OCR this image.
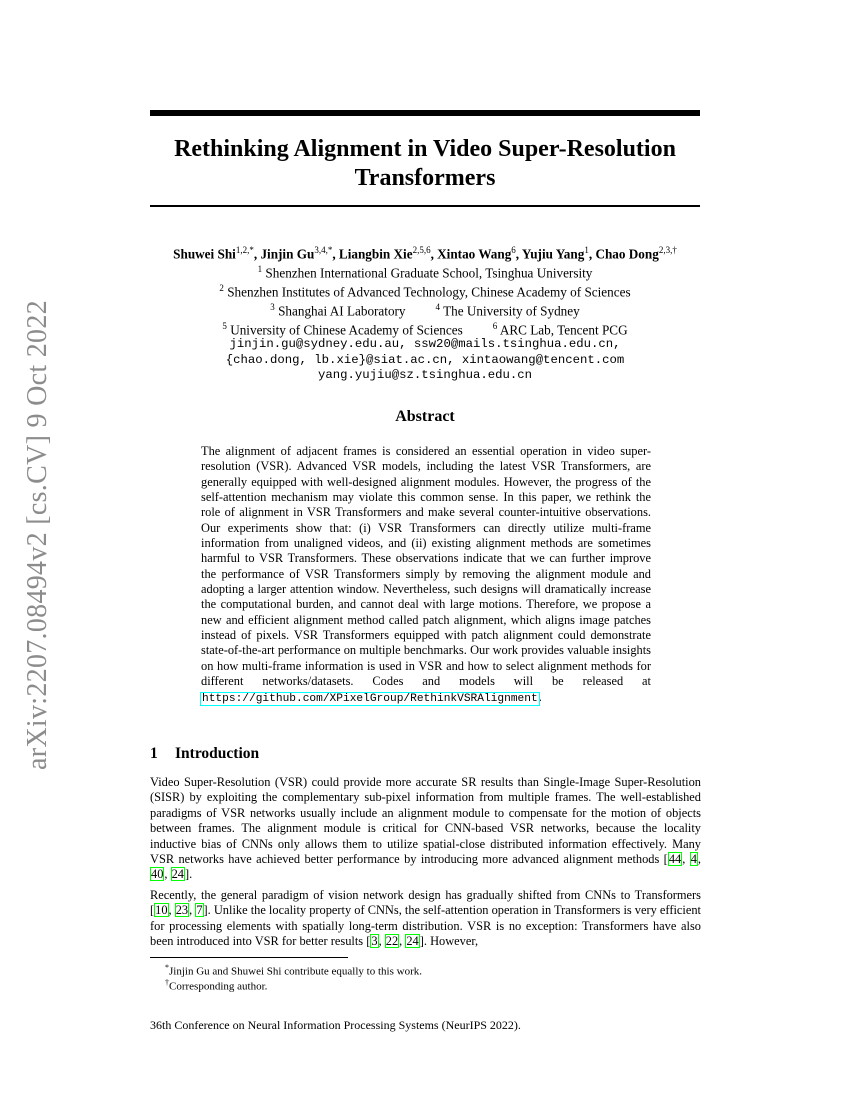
arXiv:2207.08494v2 [cs.CV] 9 Oct 2022
Rethinking Alignment in Video Super-Resolution
Transformers
Shuwei Shi$^{1,2,*}$, Jinjin $Gu^{3,4,*}$, Liangbin Xie$^{2,5,6}$, Xintao Wang$^6$, Yujiu Yang$^1$, Chao Dong$^{2,3,\dagger}$
$^1$ Shenzhen International Graduate School, Tsinghua University
$^2$ Shenzhen Institutes of Advanced Technology, Chinese Academy of Sciences
$^3$ Shanghai AI Laboratory	$^4$ The University of Sydney
$^5$ University of Chinese Academy of Sciences	$^6$ ARC Lab, Tencent PCG
jinjin.gu@sydney.edu.au, ssw20@mails.tsinghua.edu.cn,
{chao.dong, lb.xie}@siat.ac.cn, xintaowang@tencent.com
yang.yujiu@sz.tsinghua.edu.cn
Abstract
The alignment of adjacent frames is considered an essential operation in video super-resolution (VSR). Advanced VSR models, including the latest VSR Transformers, are generally equipped with well-designed alignment modules. However, the progress of the self-attention mechanism may violate this common sense. In this paper, we rethink the role of alignment in VSR Transformers and make several counter-intuitive observations. Our experiments show that: (i) VSR Transformers can directly utilize multi-frame information from unaligned videos, and (ii) existing alignment methods are sometimes harmful to VSR Transformers. These observations indicate that we can further improve the performance of VSR Transformers simply by removing the alignment module and adopting a larger attention window. Nevertheless, such designs will dramatically increase the computational burden, and cannot deal with large motions. Therefore, we propose a new and efficient alignment method called patch alignment, which aligns image patches instead of pixels. VSR Transformers equipped with patch alignment could demonstrate state-of-the-art performance on multiple benchmarks. Our work provides valuable insights on how multi-frame information is used in VSR and how to select alignment methods for different networks/datasets. Codes and models will be released at https://github.com/XPixelGroup/RethinkVSRAlignment.
1 Introduction
Video Super-Resolution (VSR) could provide more accurate SR results than Single-Image Super-Resolution (SISR) by exploiting the complementary sub-pixel information from multiple frames. The well-established paradigms of VSR networks usually include an alignment module to compensate for the motion of objects between frames. The alignment module is critical for CNN-based VSR networks, because the locality inductive bias of CNNs only allows them to utilize spatial-close distributed information effectively. Many VSR networks have achieved better performance by introducing more advanced alignment methods [44, 4, 40, 24].
Recently, the general paradigm of vision network design has gradually shifted from CNNs to Transformers [10, 23, 7]. Unlike the locality property of CNNs, the self-attention operation in Transformers is very efficient for processing elements with spatially long-term distribution. VSR is no exception: Transformers have also been introduced into VSR for better results [3, 22, 24]. However,
*Jinjin Gu and Shuwei Shi contribute equally to this work.
†Corresponding author.
36th Conference on Neural Information Processing Systems (NeurIPS 2022).
